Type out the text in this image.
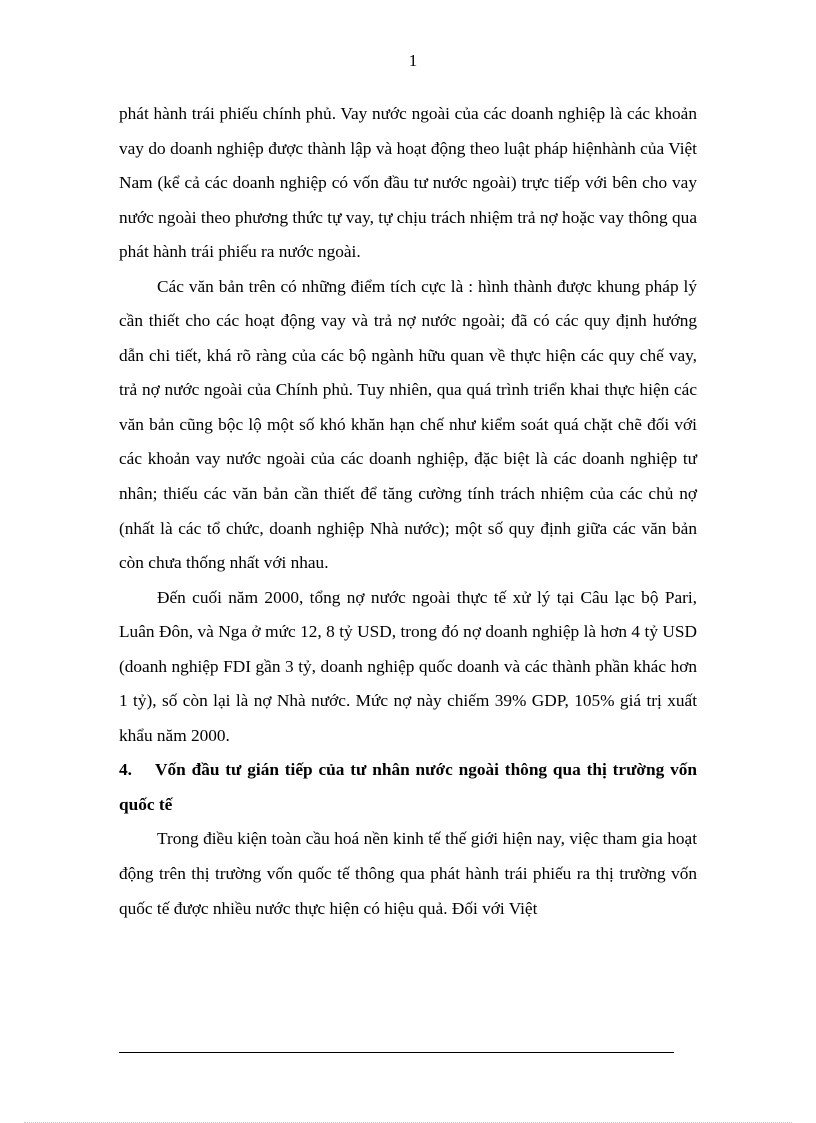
1

phát hành trái phiếu chính phủ. Vay nước ngoài của các doanh nghiệp là các khoản vay do doanh nghiệp được thành lập và hoạt động theo luật pháp hiệnhành của Việt Nam (kể cả các doanh nghiệp có vốn đầu tư nước ngoài) trực tiếp với bên cho vay nước ngoài theo phương thức tự vay, tự chịu trách nhiệm trả nợ hoặc vay thông qua phát hành trái phiếu ra nước ngoài.

Các văn bản trên có những điểm tích cực là : hình thành được khung pháp lý cần thiết cho các hoạt động vay và trả nợ nước ngoài; đã có các quy định hướng dẫn chi tiết, khá rõ ràng của các bộ ngành hữu quan về thực hiện các quy chế vay, trả nợ nước ngoài của Chính phủ. Tuy nhiên, qua quá trình triển khai thực hiện các văn bản cũng bộc lộ một số khó khăn hạn chế như kiểm soát quá chặt chẽ đối với các khoản vay nước ngoài của các doanh nghiệp, đặc biệt là các doanh nghiệp tư nhân; thiếu các văn bản cần thiết để tăng cường tính trách nhiệm của các chủ nợ (nhất là các tổ chức, doanh nghiệp Nhà nước); một số quy định giữa các văn bản còn chưa thống nhất với nhau.

Đến cuối năm 2000, tổng nợ nước ngoài thực tế xử lý tại Câu lạc bộ Pari, Luân Đôn, và Nga ở mức 12, 8 tỷ USD, trong đó nợ doanh nghiệp là hơn 4 tỷ USD (doanh nghiệp FDI gần 3 tỷ, doanh nghiệp quốc doanh và các thành phần khác hơn 1 tỷ), số còn lại là nợ Nhà nước. Mức nợ này chiếm 39% GDP, 105% giá trị xuất khẩu năm 2000.

4. Vốn đầu tư gián tiếp của tư nhân nước ngoài thông qua thị trường vốn quốc tế

Trong điều kiện toàn cầu hoá nền kinh tế thế giới hiện nay, việc tham gia hoạt động trên thị trường vốn quốc tế thông qua phát hành trái phiếu ra thị trường vốn quốc tế được nhiều nước thực hiện có hiệu quả. Đối với Việt
